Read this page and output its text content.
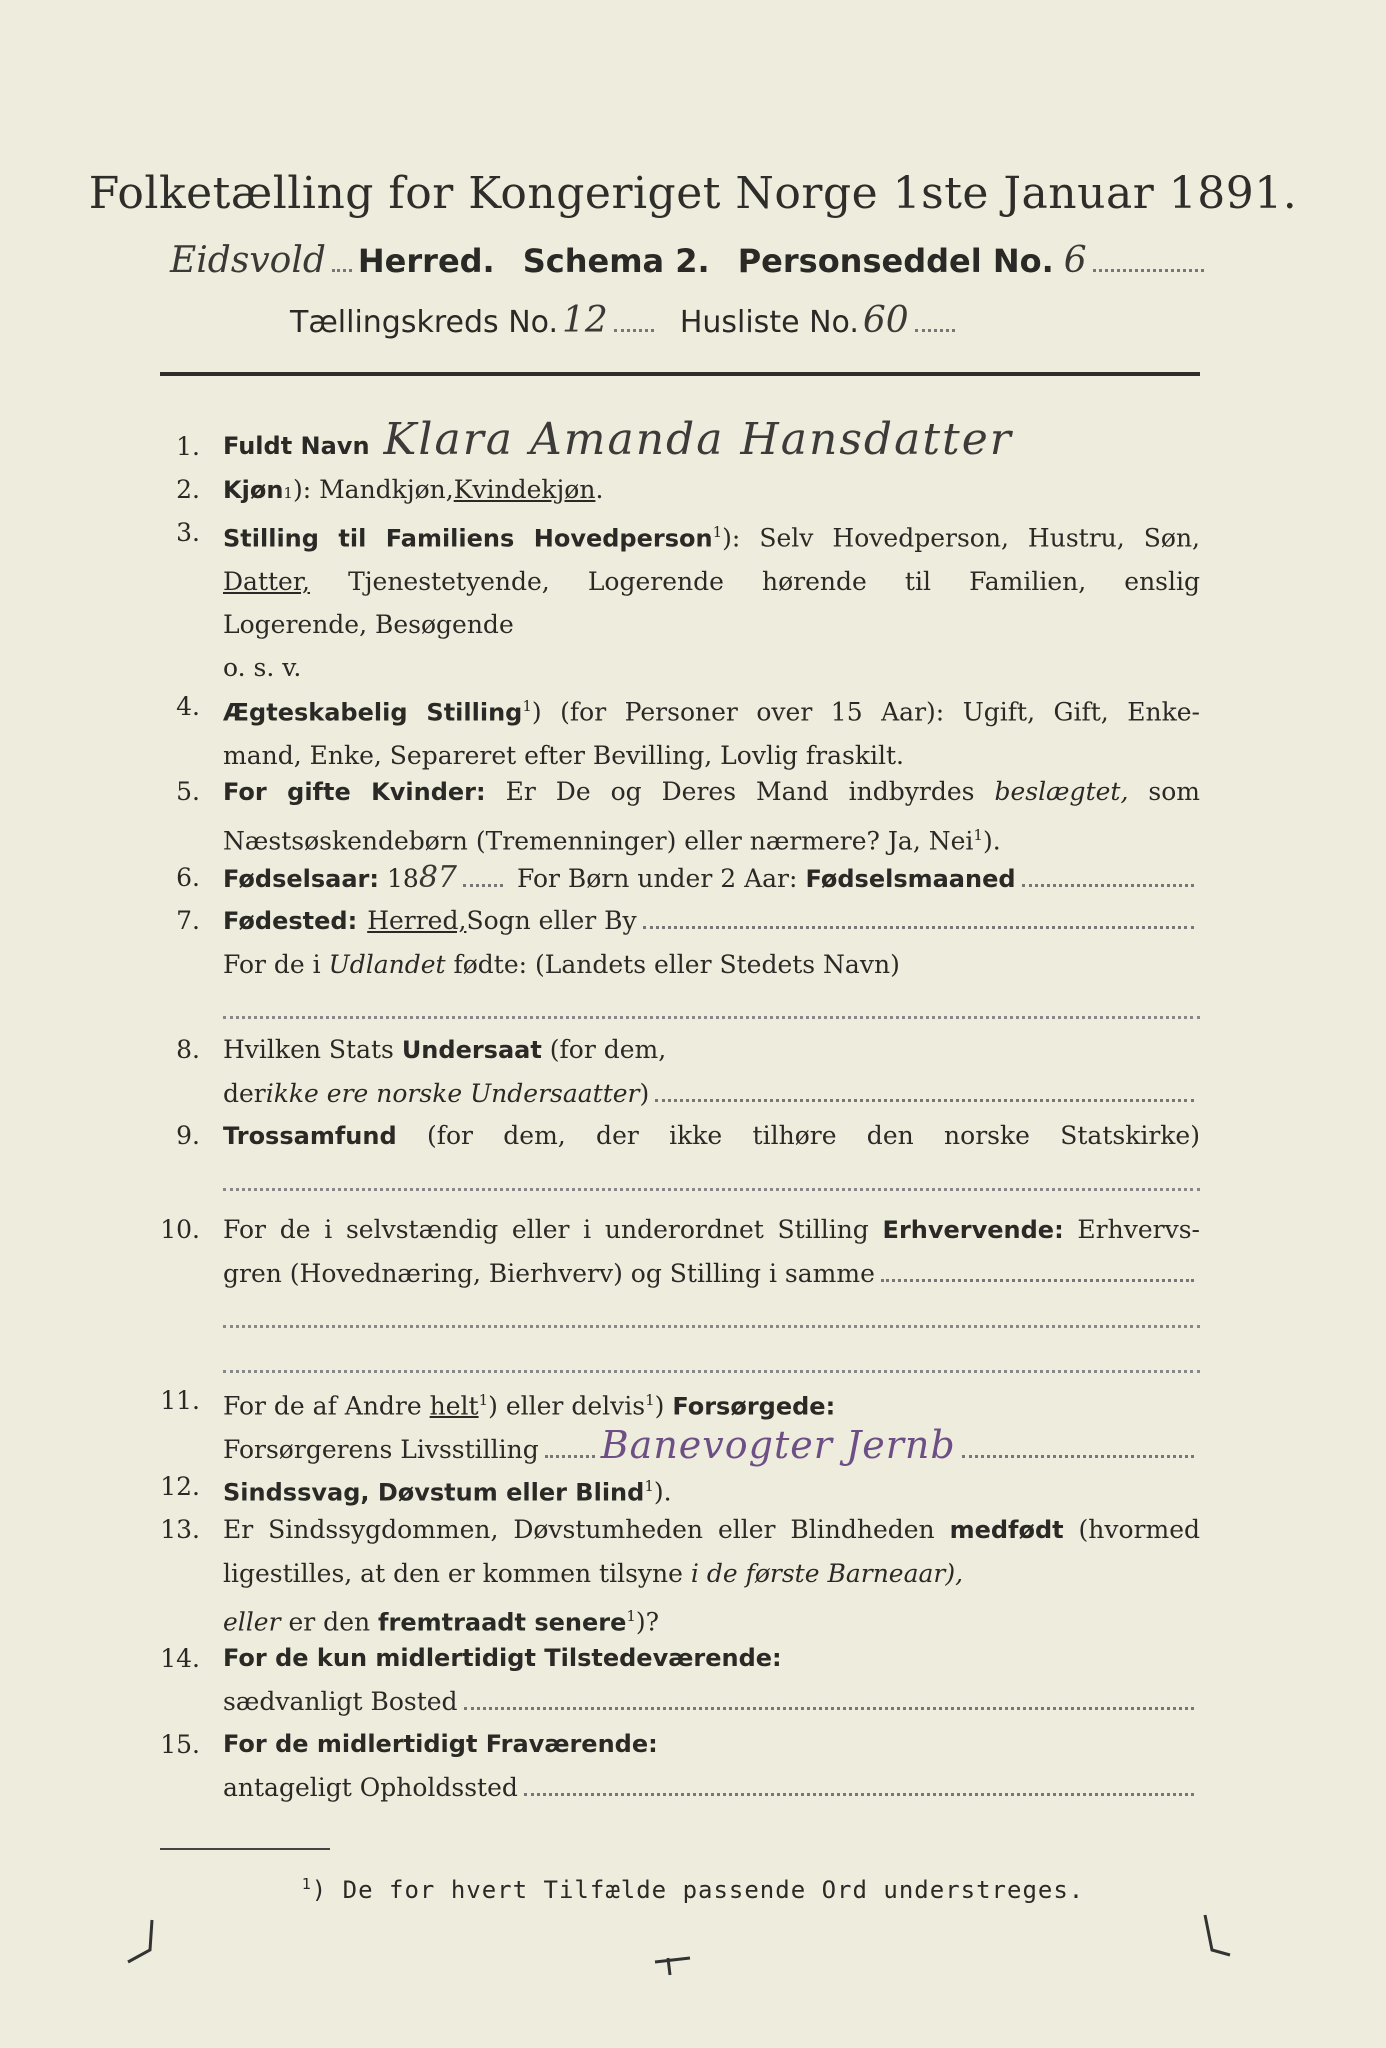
Folketælling for Kongeriget Norge 1ste Januar 1891.
Eidsvold Herred. Schema 2. Personseddel No. 6
Tællingskreds No. 12 Husliste No. 60
1. Fuldt Navn Klara Amanda Hansdatter
2. Kjøn 1 ): Mandkjøn, Kvindekjøn .
3. Stilling til Familiens Hovedperson$^1$): Selv Hovedperson, Hustru, Søn,
Datter, Tjenestetyende, Logerende hørende til Familien, enslig
Logerende, Besøgende
o. s. v.
4. Ægteskabelig Stilling$^1$) (for Personer over 15 Aar): Ugift, Gift, Enke-
mand, Enke, Separeret efter Bevilling, Lovlig fraskilt.
5. For gifte Kvinder: Er De og Deres Mand indbyrdes beslægtet, som
Næstsøskendebørn (Tremenninger) eller nærmere? Ja, Nei$^1$).
6. Fødselsaar: 18 87 For Børn under 2 Aar: Fødselsmaaned
7. Fødested: Herred, Sogn eller By
For de i Udlandet fødte: (Landets eller Stedets Navn)
8. Hvilken Stats Undersaat (for dem,
der ikke ere norske Undersaatter )
9. Trossamfund (for dem, der ikke tilhøre den norske Statskirke)
10. For de i selvstændig eller i underordnet Stilling Erhvervende: Erhvervs-
gren (Hovednæring, Bierhverv) og Stilling i samme
11. For de af Andre helt$^1$) eller delvis$^1$) Forsørgede:
Forsørgerens Livsstilling Banevogter Jernb
12. Sindssvag, Døvstum eller Blind$^1$).
13. Er Sindssygdommen, Døvstumheden eller Blindheden medfødt (hvormed
ligestilles, at den er kommen tilsyne i de første Barneaar),
eller er den fremtraadt senere$^1$)?
14. For de kun midlertidigt Tilstedeværende:
sædvanligt Bosted
15. For de midlertidigt Fraværende:
antageligt Opholdssted
$^1$) De for hvert Tilfælde passende Ord understreges.
